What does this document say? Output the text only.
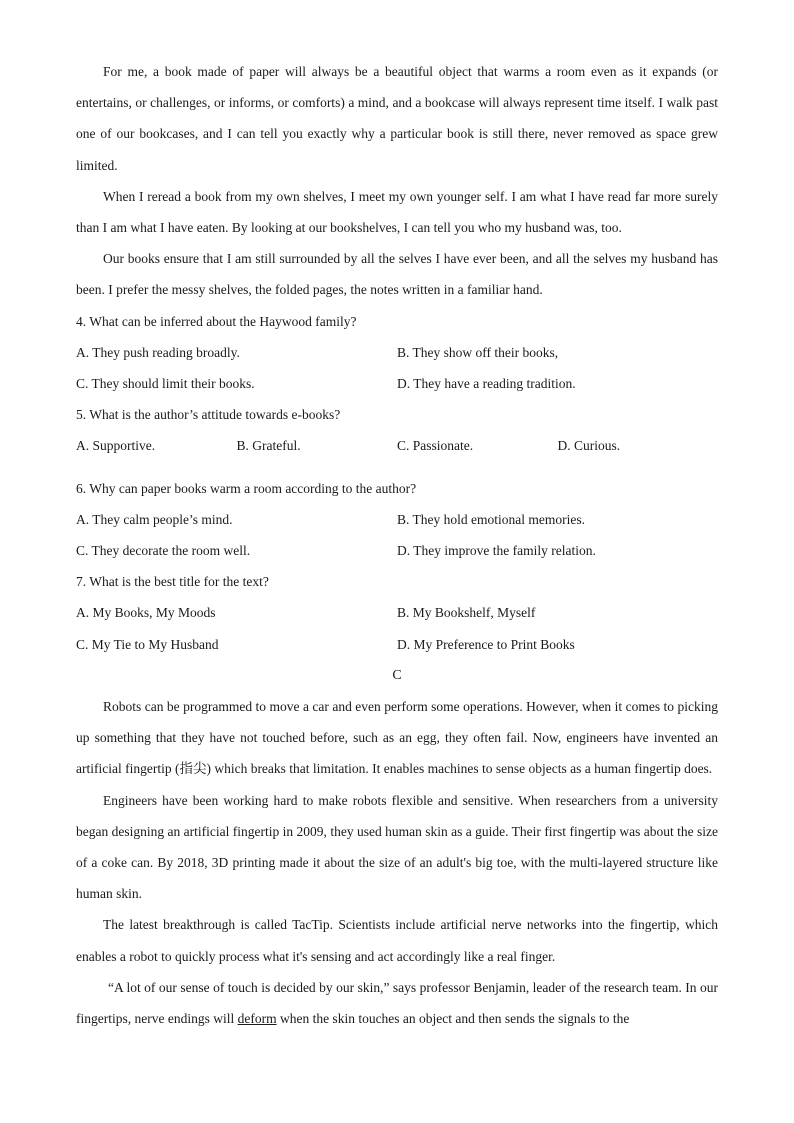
For me, a book made of paper will always be a beautiful object that warms a room even as it expands (or entertains, or challenges, or informs, or comforts) a mind, and a bookcase will always represent time itself. I walk past one of our bookcases, and I can tell you exactly why a particular book is still there, never removed as space grew limited.

When I reread a book from my own shelves, I meet my own younger self. I am what I have read far more surely than I am what I have eaten. By looking at our bookshelves, I can tell you who my husband was, too.

Our books ensure that I am still surrounded by all the selves I have ever been, and all the selves my husband has been. I prefer the messy shelves, the folded pages, the notes written in a familiar hand.

4. What can be inferred about the Haywood family?

A. They push reading broadly.	B. They show off their books,
C. They should limit their books.	D. They have a reading tradition.

5. What is the author’s attitude towards e-books?

A. Supportive.	B. Grateful.	C. Passionate.	D. Curious.

6. Why can paper books warm a room according to the author?

A. They calm people’s mind.	B. They hold emotional memories.
C. They decorate the room well.	D. They improve the family relation.

7. What is the best title for the text?

A. My Books, My Moods	B. My Bookshelf, Myself
C. My Tie to My Husband	D. My Preference to Print Books

C

Robots can be programmed to move a car and even perform some operations. However, when it comes to picking up something that they have not touched before, such as an egg, they often fail. Now, engineers have invented an artificial fingertip (指尖) which breaks that limitation. It enables machines to sense objects as a human fingertip does.

Engineers have been working hard to make robots flexible and sensitive. When researchers from a university began designing an artificial fingertip in 2009, they used human skin as a guide. Their first fingertip was about the size of a coke can. By 2018, 3D printing made it about the size of an adult's big toe, with the multi-layered structure like human skin.

The latest breakthrough is called TacTip. Scientists include artificial nerve networks into the fingertip, which enables a robot to quickly process what it's sensing and act accordingly like a real finger.

“A lot of our sense of touch is decided by our skin,” says professor Benjamin, leader of the research team. In our fingertips, nerve endings will deform when the skin touches an object and then sends the signals to the
